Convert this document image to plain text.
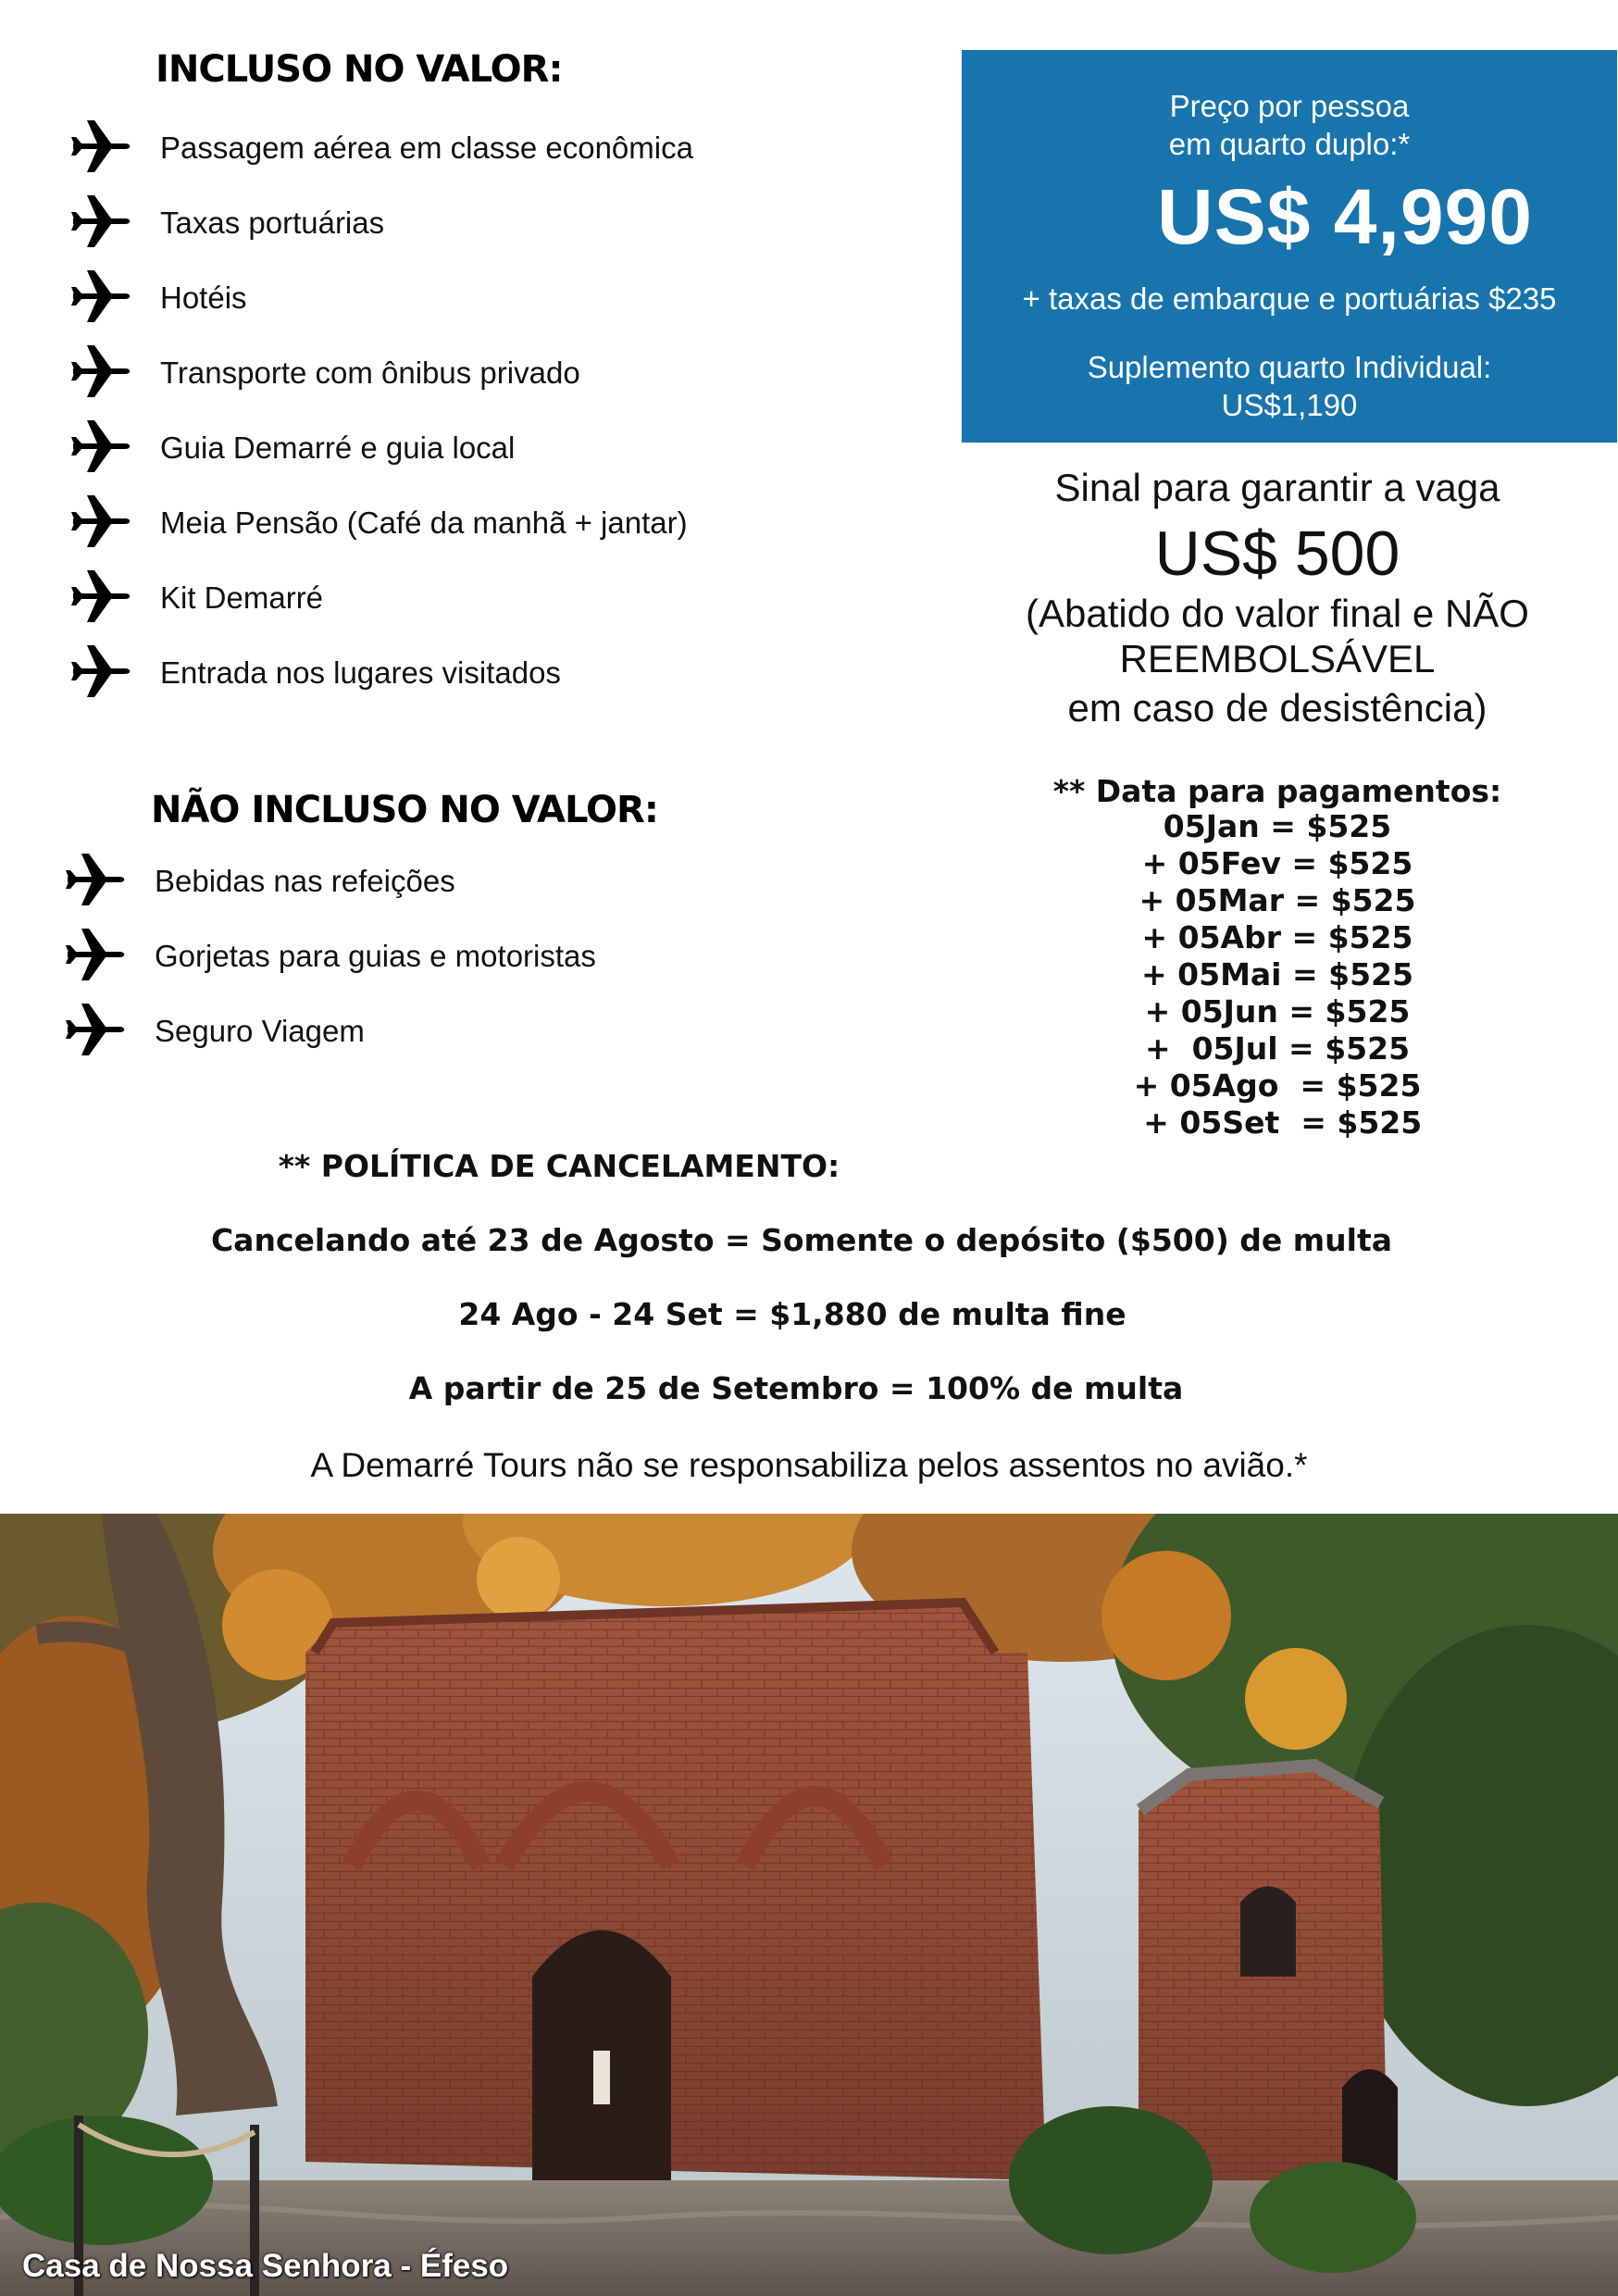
INCLUSO NO VALOR:
Passagem aérea em classe econômica
Taxas portuárias
Hotéis
Transporte com ônibus privado
Guia Demarré e guia local
Meia Pensão (Café da manhã + jantar)
Kit Demarré
Entrada nos lugares visitados
NÃO INCLUSO NO VALOR:
Bebidas nas refeições
Gorjetas para guias e motoristas
Seguro Viagem
Preço por pessoa
em quarto duplo:*
US$ 4,990
+ taxas de embarque e portuárias $235
Suplemento quarto Individual:
US$1,190
Sinal para garantir a vaga
US$ 500
(Abatido do valor final e NÃO
REEMBOLSÁVEL
em caso de desistência)
** Data para pagamentos:
05Jan = $525
+ 05Fev = $525
+ 05Mar = $525
+ 05Abr = $525
+ 05Mai = $525
+ 05Jun = $525
+  05Jul = $525
+ 05Ago  = $525
+ 05Set  = $525
** POLÍTICA DE CANCELAMENTO:
Cancelando até 23 de Agosto = Somente o depósito ($500) de multa
24 Ago - 24 Set = $1,880 de multa fine
A partir de 25 de Setembro = 100% de multa
A Demarré Tours não se responsabiliza pelos assentos no avião.*
Casa de Nossa Senhora - Éfeso
